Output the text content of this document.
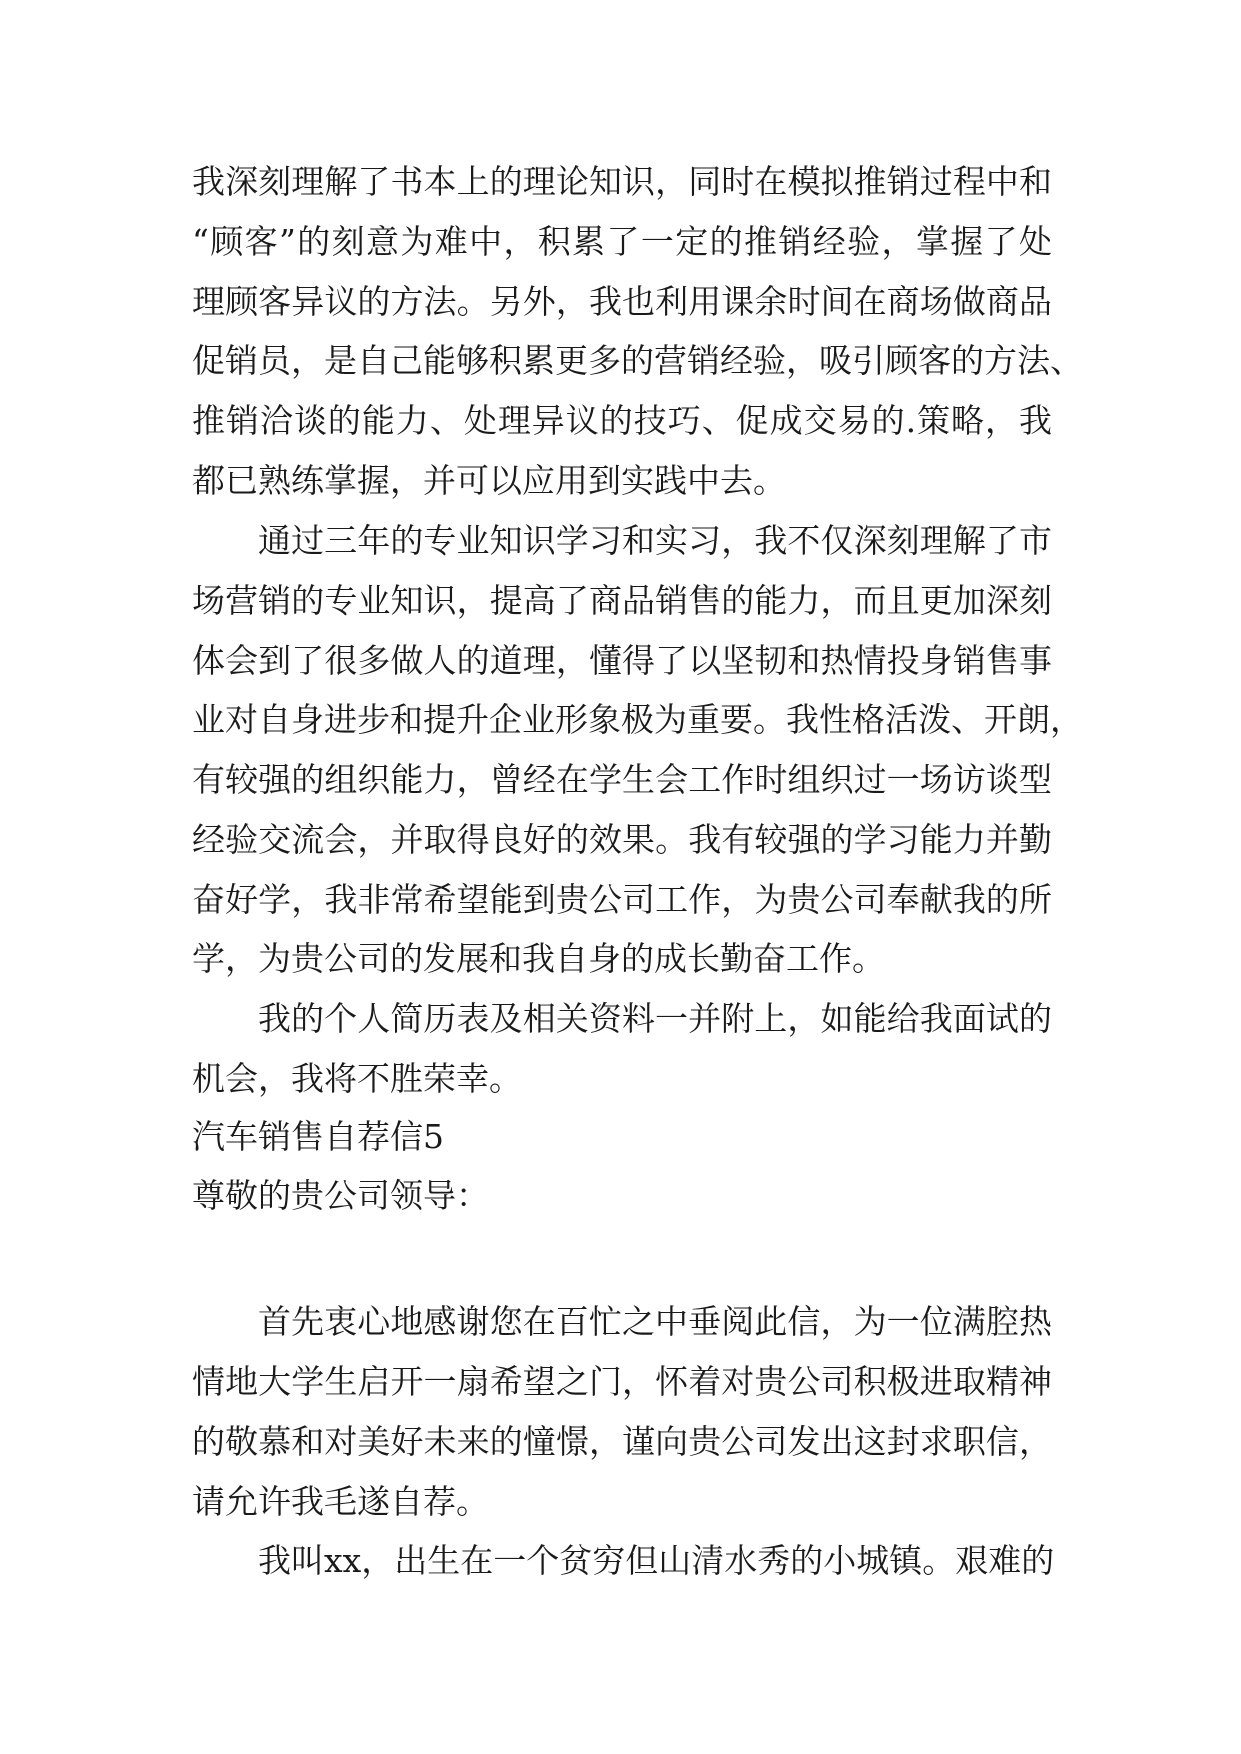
我深刻理解了书本上的理论知识，同时在模拟推销过程中和
“顾客”的刻意为难中，积累了一定的推销经验，掌握了处
理顾客异议的方法。另外，我也利用课余时间在商场做商品
促销员，是自己能够积累更多的营销经验，吸引顾客的方法、
推销洽谈的能力、处理异议的技巧、促成交易的.策略，我
都已熟练掌握，并可以应用到实践中去。
通过三年的专业知识学习和实习，我不仅深刻理解了市
场营销的专业知识，提高了商品销售的能力，而且更加深刻
体会到了很多做人的道理，懂得了以坚韧和热情投身销售事
业对自身进步和提升企业形象极为重要。我性格活泼、开朗，
有较强的组织能力，曾经在学生会工作时组织过一场访谈型
经验交流会，并取得良好的效果。我有较强的学习能力并勤
奋好学，我非常希望能到贵公司工作，为贵公司奉献我的所
学，为贵公司的发展和我自身的成长勤奋工作。
我的个人简历表及相关资料一并附上，如能给我面试的
机会，我将不胜荣幸。
汽车销售自荐信5
尊敬的贵公司领导：
首先衷心地感谢您在百忙之中垂阅此信，为一位满腔热
情地大学生启开一扇希望之门，怀着对贵公司积极进取精神
的敬慕和对美好未来的憧憬，谨向贵公司发出这封求职信，
请允许我毛遂自荐。
我叫xx，出生在一个贫穷但山清水秀的小城镇。艰难的
